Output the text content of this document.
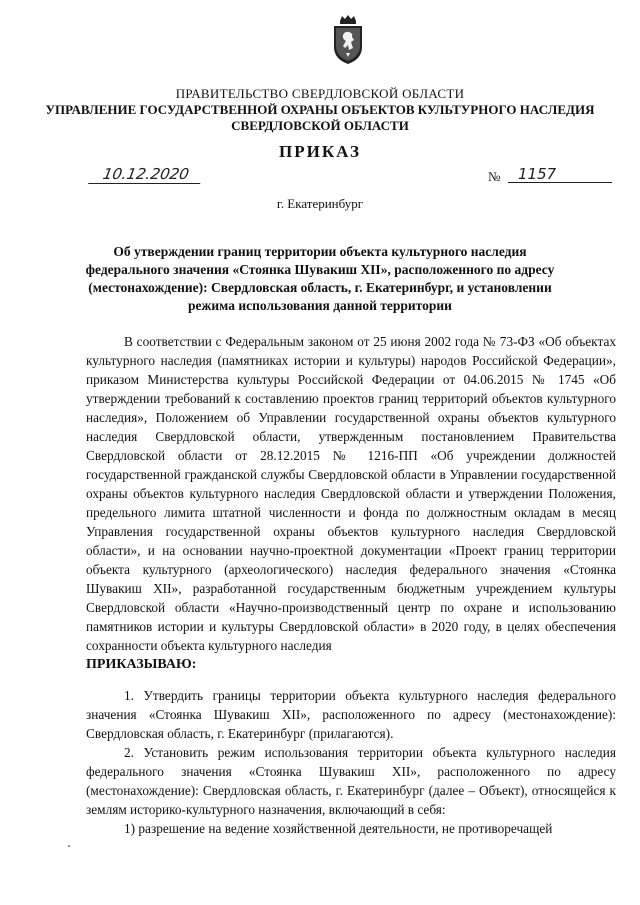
ПРАВИТЕЛЬСТВО СВЕРДЛОВСКОЙ ОБЛАСТИ
УПРАВЛЕНИЕ ГОСУДАРСТВЕННОЙ ОХРАНЫ ОБЪЕКТОВ КУЛЬТУРНОГО НАСЛЕДИЯ
СВЕРДЛОВСКОЙ ОБЛАСТИ
ПРИКАЗ
10.12.2020	№	1157
г. Екатеринбург
Об утверждении границ территории объекта культурного наследия
федерального значения «Стоянка Шувакиш XII», расположенного по адресу
(местонахождение): Свердловская область, г. Екатеринбург, и установлении
режима использования данной территории

В соответствии с Федеральным законом от 25 июня 2002 года № 73-ФЗ «Об объектах культурного наследия (памятниках истории и культуры) народов Российской Федерации», приказом Министерства культуры Российской Федерации от 04.06.2015 № 1745 «Об утверждении требований к составлению проектов границ территорий объектов культурного наследия», Положением об Управлении государственной охраны объектов культурного наследия Свердловской области, утвержденным постановлением Правительства Свердловской области от 28.12.2015 № 1216-ПП «Об учреждении должностей государственной гражданской службы Свердловской области в Управлении государственной охраны объектов культурного наследия Свердловской области и утверждении Положения, предельного лимита штатной численности и фонда по должностным окладам в месяц Управления государственной охраны объектов культурного наследия Свердловской области», и на основании научно-проектной документации «Проект границ территории объекта культурного (археологического) наследия федерального значения «Стоянка Шувакиш XII», разработанной государственным бюджетным учреждением культуры Свердловской области «Научно-производственный центр по охране и использованию памятников истории и культуры Свердловской области» в 2020 году, в целях обеспечения сохранности объекта культурного наследия

ПРИКАЗЫВАЮ:

1. Утвердить границы территории объекта культурного наследия федерального значения «Стоянка Шувакиш XII», расположенного по адресу (местонахождение): Свердловская область, г. Екатеринбург (прилагаются).

2. Установить режим использования территории объекта культурного наследия федерального значения «Стоянка Шувакиш XII», расположенного по адресу (местонахождение): Свердловская область, г. Екатеринбург (далее – Объект), относящейся к землям историко-культурного назначения, включающий в себя:

1) разрешение на ведение хозяйственной деятельности, не противоречащей
